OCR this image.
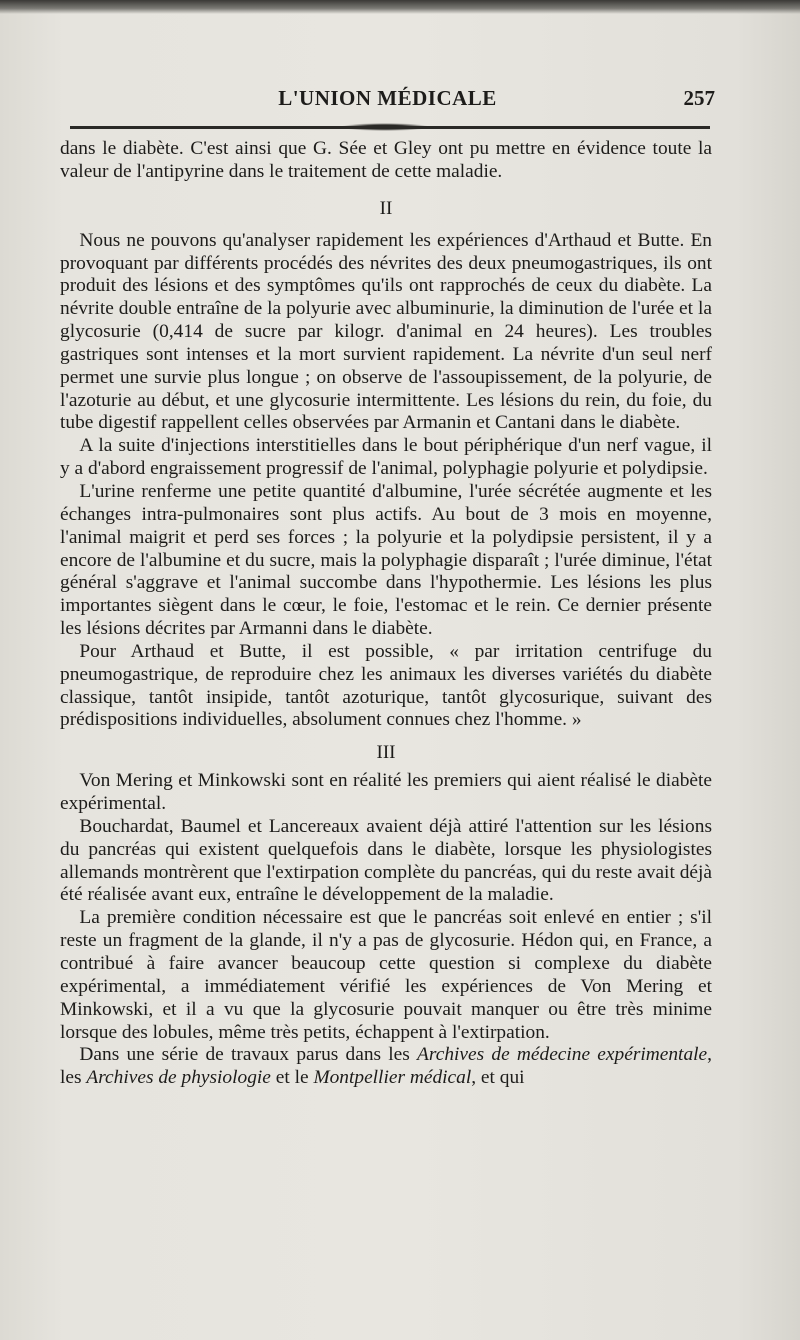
L'UNION MÉDICALE	257

dans le diabète. C'est ainsi que G. Sée et Gley ont pu mettre en évidence toute la valeur de l'antipyrine dans le traitement de cette maladie.

II

Nous ne pouvons qu'analyser rapidement les expériences d'Arthaud et Butte. En provoquant par différents procédés des névrites des deux pneumogastriques, ils ont produit des lésions et des symptômes qu'ils ont rapprochés de ceux du diabète. La névrite double entraîne de la polyurie avec albuminurie, la diminution de l'urée et la glycosurie (0,414 de sucre par kilogr. d'animal en 24 heures). Les troubles gastriques sont intenses et la mort survient rapidement. La névrite d'un seul nerf permet une survie plus longue ; on observe de l'assoupissement, de la polyurie, de l'azoturie au début, et une glycosurie intermittente. Les lésions du rein, du foie, du tube digestif rappellent celles observées par Armanin et Cantani dans le diabète.

A la suite d'injections interstitielles dans le bout périphérique d'un nerf vague, il y a d'abord engraissement progressif de l'animal, polyphagie polyurie et polydipsie.

L'urine renferme une petite quantité d'albumine, l'urée sécrétée augmente et les échanges intra-pulmonaires sont plus actifs. Au bout de 3 mois en moyenne, l'animal maigrit et perd ses forces ; la polyurie et la polydipsie persistent, il y a encore de l'albumine et du sucre, mais la polyphagie disparaît ; l'urée diminue, l'état général s'aggrave et l'animal succombe dans l'hypothermie. Les lésions les plus importantes siègent dans le cœur, le foie, l'estomac et le rein. Ce dernier présente les lésions décrites par Armanni dans le diabète.

Pour Arthaud et Butte, il est possible, « par irritation centrifuge du pneumogastrique, de reproduire chez les animaux les diverses variétés du diabète classique, tantôt insipide, tantôt azoturique, tantôt glycosurique, suivant des prédispositions individuelles, absolument connues chez l'homme. »

III

Von Mering et Minkowski sont en réalité les premiers qui aient réalisé le diabète expérimental.

Bouchardat, Baumel et Lancereaux avaient déjà attiré l'attention sur les lésions du pancréas qui existent quelquefois dans le diabète, lorsque les physiologistes allemands montrèrent que l'extirpation complète du pancréas, qui du reste avait déjà été réalisée avant eux, entraîne le développement de la maladie.

La première condition nécessaire est que le pancréas soit enlevé en entier ; s'il reste un fragment de la glande, il n'y a pas de glycosurie. Hédon qui, en France, a contribué à faire avancer beaucoup cette question si complexe du diabète expérimental, a immédiatement vérifié les expériences de Von Mering et Minkowski, et il a vu que la glycosurie pouvait manquer ou être très minime lorsque des lobules, même très petits, échappent à l'extirpation.

Dans une série de travaux parus dans les Archives de médecine expérimentale, les Archives de physiologie et le Montpellier médical, et qui
